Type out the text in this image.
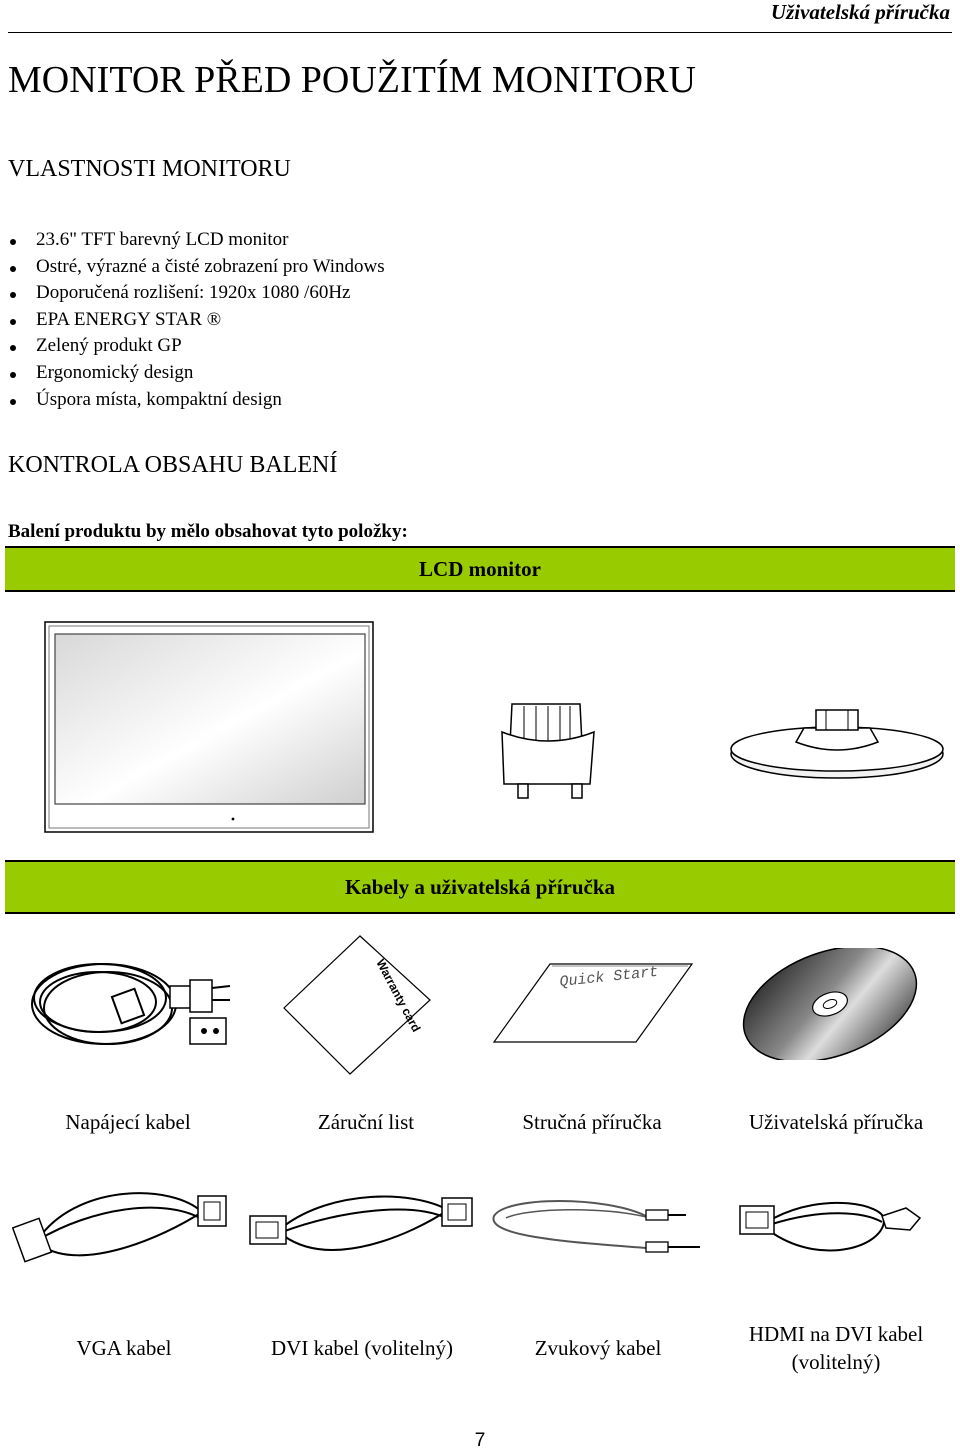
Uživatelská příručka
MONITOR PŘED POUŽITÍM MONITORU
VLASTNOSTI MONITORU
23.6" TFT barevný LCD monitor
Ostré, výrazné a čisté zobrazení pro Windows
Doporučená rozlišení: 1920x 1080 /60Hz
EPA ENERGY STAR ®
Zelený produkt GP
Ergonomický design
Úspora místa, kompaktní design
KONTROLA OBSAHU BALENÍ
Balení produktu by mělo obsahovat tyto položky:
LCD monitor
Kabely a uživatelská příručka
Warranty card	Quick Start
Napájecí kabel	Záruční list	Stručná příručka	Uživatelská příručka
VGA kabel	DVI kabel (volitelný)	Zvukový kabel
HDMI na DVI kabel
(volitelný)
7
